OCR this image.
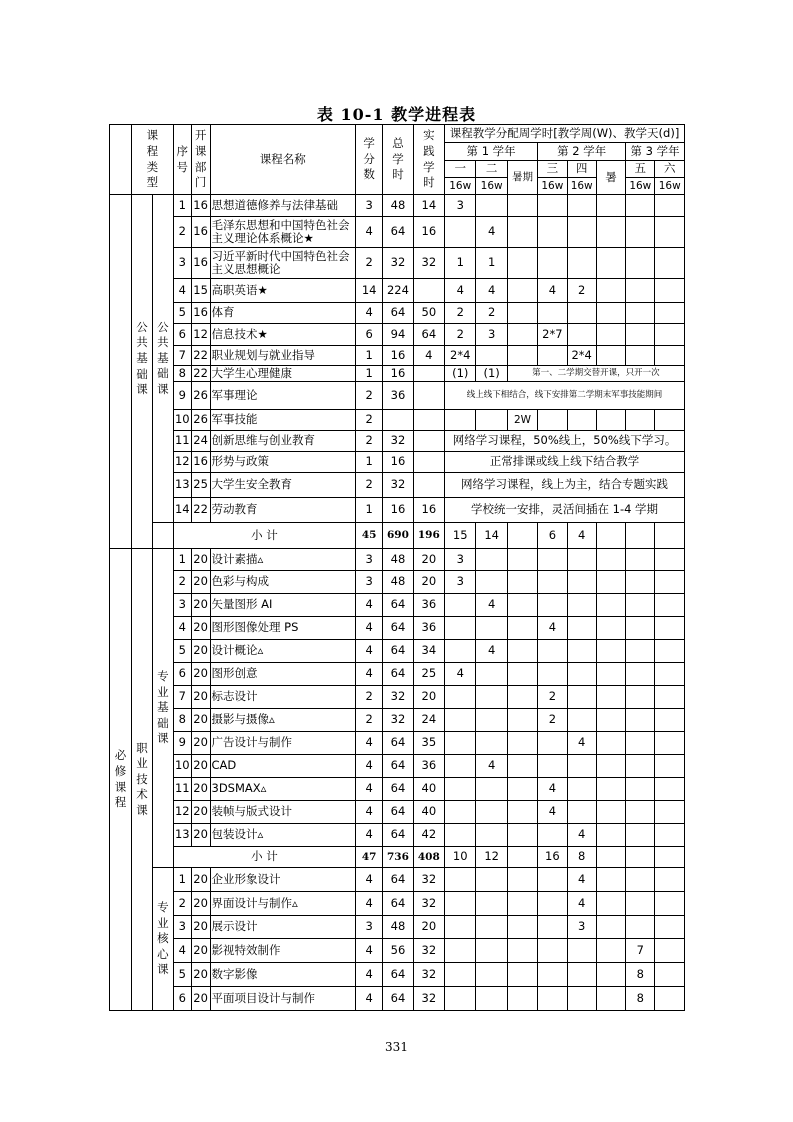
表 10-1 教学进程表
	课程类型		序号	开课部门	课程名称	学分数	总学时	实践学时	课程教学分配周学时[教学周(W)、教学天(d)]							
									第 1 学年			第 2 学年			第 3 学年	
									一	二	暑期	三	四	暑	五	六
									16w	16w		16w	16w		16w	16w
	公共基础课	公共基础课	1	16	思想道德修养与法律基础	3	48	14	3							
			2	16	毛泽东思想和中国特色社会主义理论体系概论★	4	64	16		4						
			3	16	习近平新时代中国特色社会主义思想概论	2	32	32	1	1						
			4	15	高职英语★	14	224		4	4		4	2			
			5	16	体育	4	64	50	2	2						
			6	12	信息技术★	6	94	64	2	3		2*7				
			7	22	职业规划与就业指导	1	16	4	2*4				2*4			
			8	22	大学生心理健康	1	16		(1)	(1)	第一、二学期交替开课，只开一次					
			9	26	军事理论	2	36		线上线下相结合，线下安排第二学期末军事技能期间							
			10	26	军事技能	2					2W					
			11	24	创新思维与创业教育	2	32		网络学习课程，50%线上，50%线下学习。							
			12	16	形势与政策	1	16		正常排课或线上线下结合教学							
			13	25	大学生安全教育	2	32		网络学习课程，线上为主，结合专题实践							
			14	22	劳动教育	1	16	16	学校统一安排，灵活间插在 1-4 学期							
			小 计			45	690	196	15	14		6	4			
必修课程	职业技术课	专业基础课	1	20	设计素描▵	3	48	20	3							
			2	20	色彩与构成	3	48	20	3							
			3	20	矢量图形 AI	4	64	36		4						
			4	20	图形图像处理 PS	4	64	36				4				
			5	20	设计概论▵	4	64	34		4						
			6	20	图形创意	4	64	25	4							
			7	20	标志设计	2	32	20				2				
			8	20	摄影与摄像▵	2	32	24				2				
			9	20	广告设计与制作	4	64	35					4			
			10	20	CAD	4	64	36		4						
			11	20	3DSMAX▵	4	64	40				4				
			12	20	装帧与版式设计	4	64	40				4				
			13	20	包装设计▵	4	64	42					4			
			小 计			47	736	408	10	12		16	8			
		专业核心课	1	20	企业形象设计	4	64	32					4			
			2	20	界面设计与制作▵	4	64	32					4			
			3	20	展示设计	3	48	20					3			
			4	20	影视特效制作	4	56	32							7	
			5	20	数字影像	4	64	32							8	
			6	20	平面项目设计与制作	4	64	32							8	
331
